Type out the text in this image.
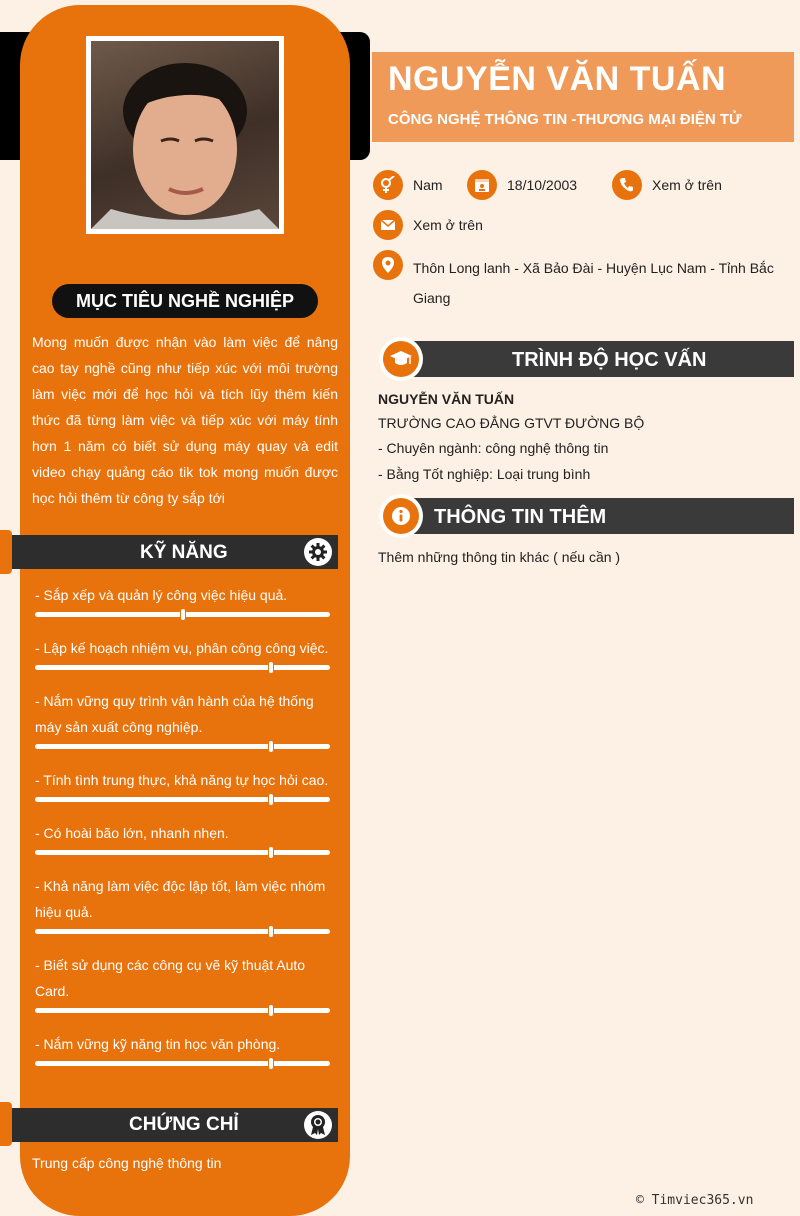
MỤC TIÊU NGHỀ NGHIỆP

Mong muốn được nhận vào làm việc để nâng cao tay nghề cũng như tiếp xúc với môi trường làm việc mới để học hỏi và tích lũy thêm kiến thức đã từng làm việc và tiếp xúc với máy tính hơn 1 năm có biết sử dụng máy quay và edit video chạy quảng cáo tik tok mong muốn được học hỏi thêm từ công ty sắp tới

KỸ NĂNG
- Sắp xếp và quản lý công việc hiệu quả.
- Lập kế hoạch nhiệm vụ, phân công công việc.
- Nắm vững quy trình vận hành của hệ thống máy sản xuất công nghiệp.
- Tính tình trung thực, khả năng tự học hỏi cao.
- Có hoài bão lớn, nhanh nhẹn.
- Khả năng làm việc độc lập tốt, làm việc nhóm hiệu quả.
- Biết sử dụng các công cụ vẽ kỹ thuật Auto Card.
- Nắm vững kỹ năng tin học văn phòng.
CHỨNG CHỈ
Trung cấp công nghệ thông tin
NGUYỄN VĂN TUẤN
CÔNG NGHỆ THÔNG TIN -THƯƠNG MẠI ĐIỆN TỬ
Nam	18/10/2003	Xem ở trên
Xem ở trên
Thôn Long lanh - Xã Bảo Đài - Huyện Lục Nam - Tỉnh Bắc Giang
TRÌNH ĐỘ HỌC VẤN
NGUYỄN VĂN TUẤN
TRƯỜNG CAO ĐẲNG GTVT ĐƯỜNG BỘ
- Chuyên ngành: công nghệ thông tin
- Bằng Tốt nghiệp: Loại trung bình
THÔNG TIN THÊM
Thêm những thông tin khác ( nếu cần )
© Timviec365.vn
